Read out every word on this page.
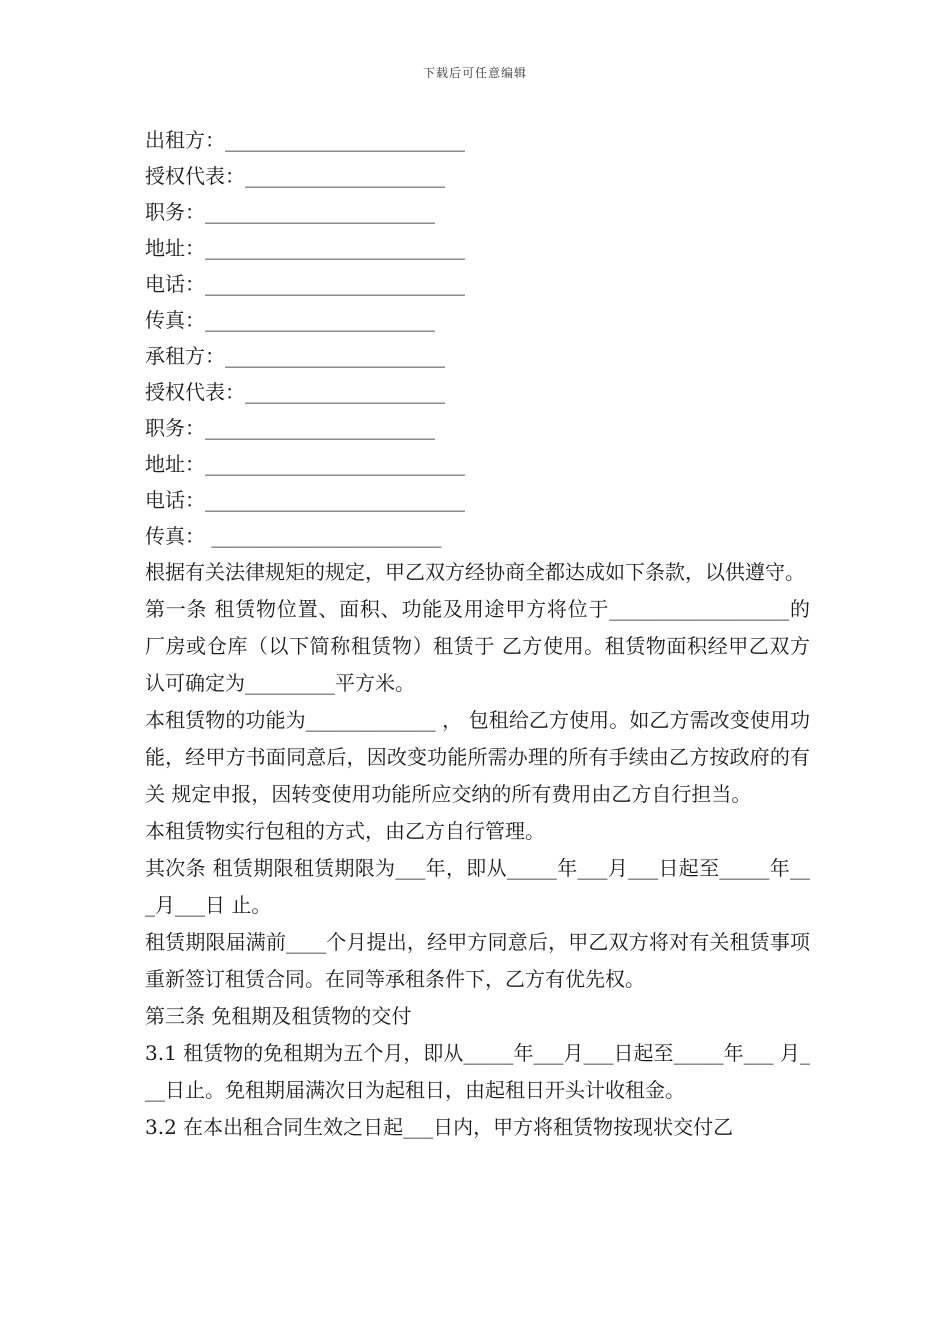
下载后可任意编辑
出租方：________________________
授权代表：____________________
职务：_______________________
地址：__________________________
电话：__________________________
传真：_______________________
承租方：______________________
授权代表：____________________
职务：_______________________
地址：__________________________
电话：__________________________
传真： _______________________

根据有关法律规矩的规定，甲乙双方经协商全都达成如下条款，以供遵守。

第一条 租赁物位置、面积、功能及用途甲方将位于__________________的厂房或仓库（以下简称租赁物）租赁于 乙方使用。租赁物面积经甲乙双方认可确定为_________平方米。

本租赁物的功能为_____________ ， 包租给乙方使用。如乙方需改变使用功能，经甲方书面同意后，因改变功能所需办理的所有手续由乙方按政府的有关 规定申报，因转变使用功能所应交纳的所有费用由乙方自行担当。

本租赁物实行包租的方式，由乙方自行管理。

其次条 租赁期限租赁期限为___年，即从_____年___月___日起至_____年___月___日 止。

租赁期限届满前____个月提出，经甲方同意后，甲乙双方将对有关租赁事项 重新签订租赁合同。在同等承租条件下，乙方有优先权。

第三条 免租期及租赁物的交付

3.1 租赁物的免租期为五个月，即从_____年___月___日起至_____年___ 月___日止。免租期届满次日为起租日，由起租日开头计收租金。

3.2 在本出租合同生效之日起___日内，甲方将租赁物按现状交付乙
